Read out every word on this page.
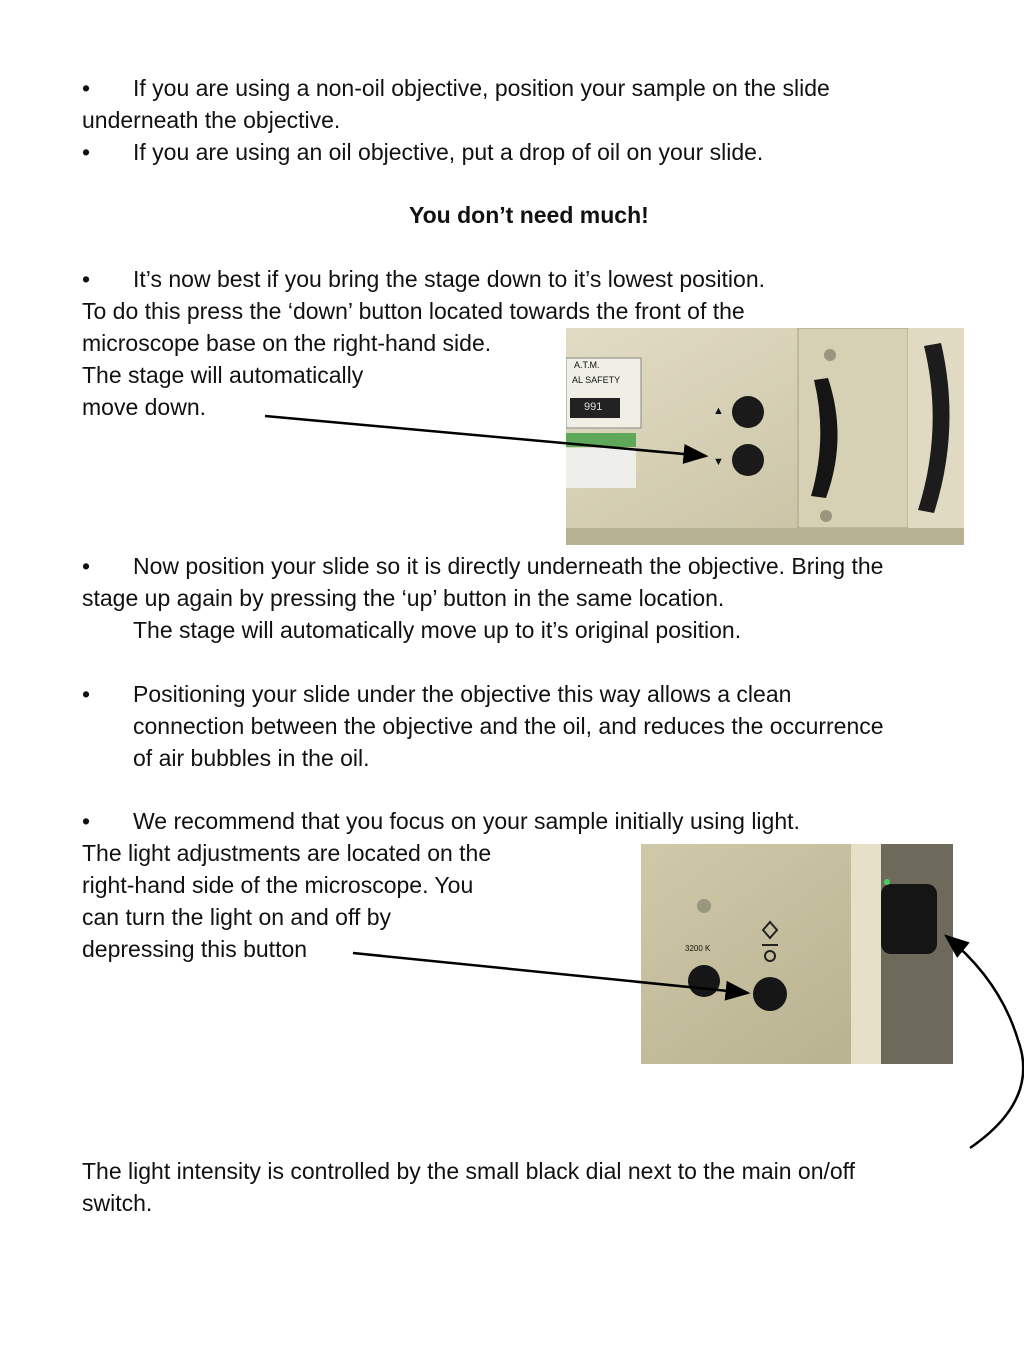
• If you are using a non-oil objective, position your sample on the slide
underneath the objective.
• If you are using an oil objective, put a drop of oil on your slide.
You don’t need much!
• It’s now best if you bring the stage down to it’s lowest position.
To do this press the ‘down’ button located towards the front of the
microscope base on the right-hand side.
The stage will automatically
move down.
A.T.M.
AL SAFETY
991	▲
▼
• Now position your slide so it is directly underneath the objective. Bring the
stage up again by pressing the ‘up’ button in the same location.
The stage will automatically move up to it’s original position.
• Positioning your slide under the objective this way allows a clean
connection between the objective and the oil, and reduces the occurrence
of air bubbles in the oil.
• We recommend that you focus on your sample initially using light.
The light adjustments are located on the
right-hand side of the microscope. You
can turn the light on and off by
depressing this button	3200 K
The light intensity is controlled by the small black dial next to the main on/off
switch.
